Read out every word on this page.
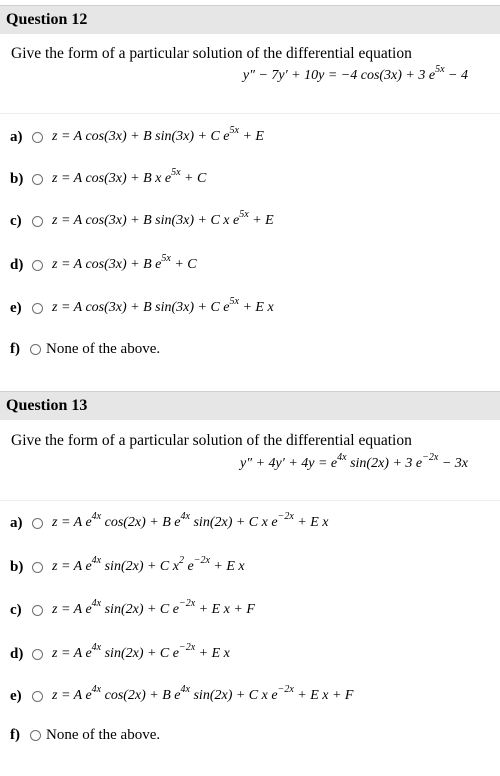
Question 12
Give the form of a particular solution of the differential equation
y″ − 7y′ + 10y = −4 cos(3x) + 3 $e^{5x} - 4$
a)	z = A cos(3x) + B sin(3x) + C $e^{5x} + E$
b)	z = A cos(3x) + B x $e^{5x} + C$
c)	z = A cos(3x) + B sin(3x) + C x $e^{5x} + E$
d)	z = A cos(3x) + B $e^{5x} + C$
e)	z = A cos(3x) + B sin(3x) + C $e^{5x} + E$ x
f)	None of the above.
Question 13
Give the form of a particular solution of the differential equation
$y'' + 4y' + 4y = e^{4x}$ sin(2x) + 3 $e^{-2x} - 3x$
a)	z = A $e^{4x}$ cos(2x) + B $e^{4x}$ sin(2x) + C x $e^{-2x} + E$ x
b)	z = A $e^{4x}$ sin(2x) + C $x^2$ $e^{-2x} + E$ x
c)	z = A $e^{4x}$ sin(2x) + C $e^{-2x} + E$ x + F
d)	z = A $e^{4x}$ sin(2x) + C $e^{-2x} + E$ x
e)	z = A $e^{4x}$ cos(2x) + B $e^{4x}$ sin(2x) + C x $e^{-2x} + E$ x + F
f)	None of the above.
